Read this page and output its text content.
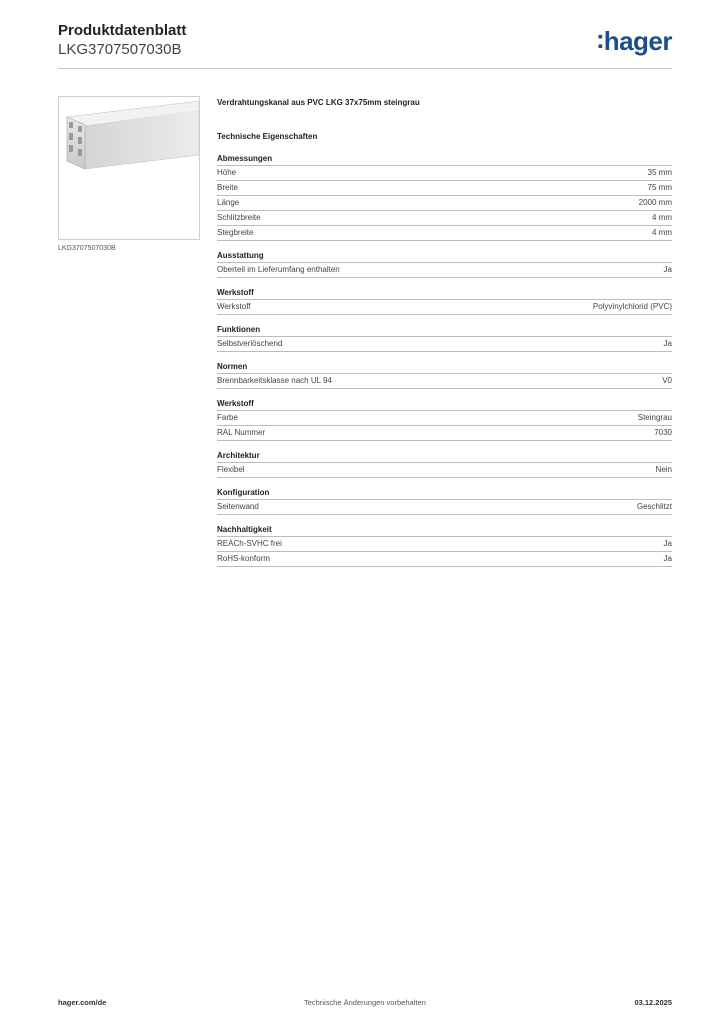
Produktdatenblatt
LKG3707507030B	:hager
LKG3707507030B
Verdrahtungskanal aus PVC LKG 37x75mm steingrau
Technische Eigenschaften
Abmessungen
Höhe	35 mm
Breite	75 mm
Länge	2000 mm
Schlitzbreite	4 mm
Stegbreite	4 mm
Ausstattung
Oberteil im Lieferumfang enthalten	Ja
Werkstoff
Werkstoff	Polyvinylchlorid (PVC)
Funktionen
Selbstverlöschend	Ja
Normen
Brennbarkeitsklasse nach UL 94	V0
Werkstoff
Farbe	Steingrau
RAL Nummer	7030
Architektur
Flexibel	Nein
Konfiguration
Seitenwand	Geschlitzt
Nachhaltigkeit
REACh-SVHC frei	Ja
RoHS-konform	Ja
hager.com/de	Technische Änderungen vorbehalten	03.12.2025
